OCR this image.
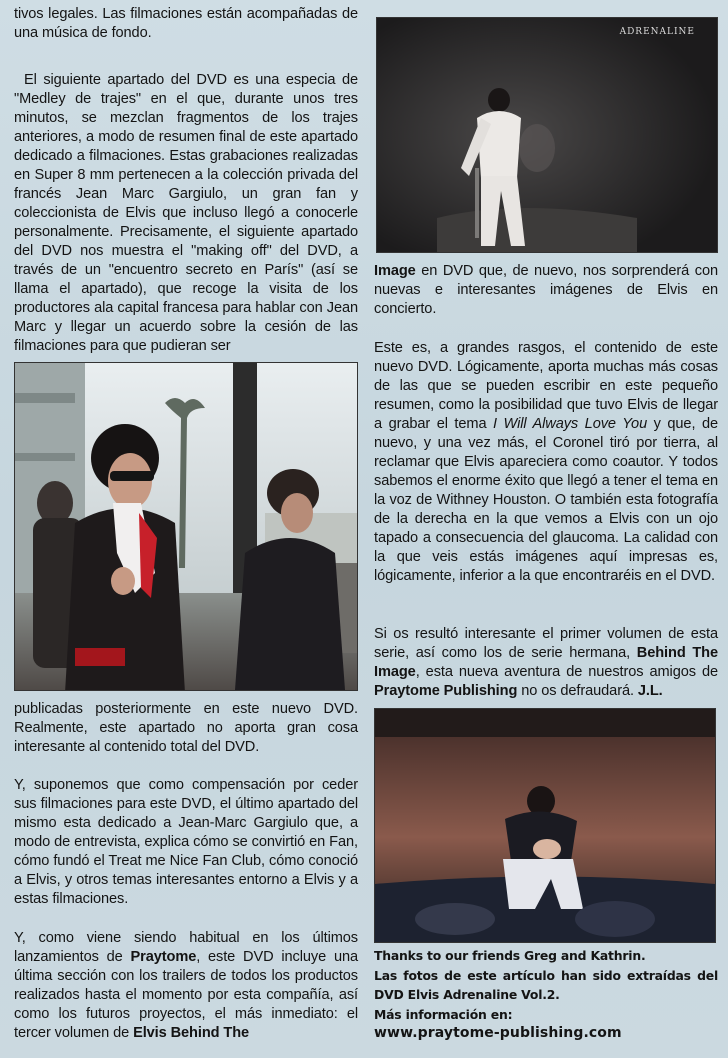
tivos legales. Las filmaciones están acompañadas de una música de fondo.

El siguiente apartado del DVD es una especia de "Medley de trajes" en el que, durante unos tres minutos, se mezclan fragmentos de los trajes anteriores, a modo de resumen final de este apartado dedicado a filmaciones. Estas grabaciones realizadas en Super 8 mm pertenecen a la colección privada del francés Jean Marc Gargiulo, un gran fan y coleccionista de Elvis que incluso llegó a conocerle personalmente. Precisamente, el siguiente apartado del DVD nos muestra el "making off" del DVD, a través de un "encuentro secreto en París" (así se llama el apartado), que recoge la visita de los productores ala capital francesa para hablar con Jean Marc y llegar un acuerdo sobre la cesión de las filmaciones para que pudieran ser

publicadas posteriormente en este nuevo DVD. Realmente, este apartado no aporta gran cosa interesante al contenido total del DVD.

Y, suponemos que como compensación por ceder sus filmaciones para este DVD, el último apartado del mismo esta dedicado a Jean-Marc Gargiulo que, a modo de entrevista, explica cómo se convirtió en Fan, cómo fundó el Treat me Nice Fan Club, cómo conoció a Elvis, y otros temas interesantes entorno a Elvis y a estas filmaciones.

Y, como viene siendo habitual en los últimos lanzamientos de Praytome, este DVD incluye una última sección con los trailers de todos los productos realizados hasta el momento por esta compañía, así como los futuros proyectos, el más inmediato: el tercer volumen de Elvis Behind The

Image en DVD que, de nuevo, nos sorprenderá con nuevas e interesantes imágenes de Elvis en concierto.

Este es, a grandes rasgos, el contenido de este nuevo DVD. Lógicamente, aporta muchas más cosas de las que se pueden escribir en este pequeño resumen, como la posibilidad que tuvo Elvis de llegar a grabar el tema I Will Always Love You y que, de nuevo, y una vez más, el Coronel tiró por tierra, al reclamar que Elvis apareciera como coautor. Y todos sabemos el enorme éxito que llegó a tener el tema en la voz de Withney Houston. O también esta fotografía de la derecha en la que vemos a Elvis con un ojo tapado a consecuencia del glaucoma. La calidad con la que veis estás imágenes aquí impresas es, lógicamente, inferior a la que encontraréis en el DVD.

Si os resultó interesante el primer volumen de esta serie, así como los de serie hermana, Behind The Image, esta nueva aventura de nuestros amigos de Praytome Publishing no os defraudará. J.L.

Thanks to our friends Greg and Kathrin.

Las fotos de este artículo han sido extraídas del DVD Elvis Adrenaline Vol.2.

Más información en:

www.praytome-publishing.com

ADRENALINE
